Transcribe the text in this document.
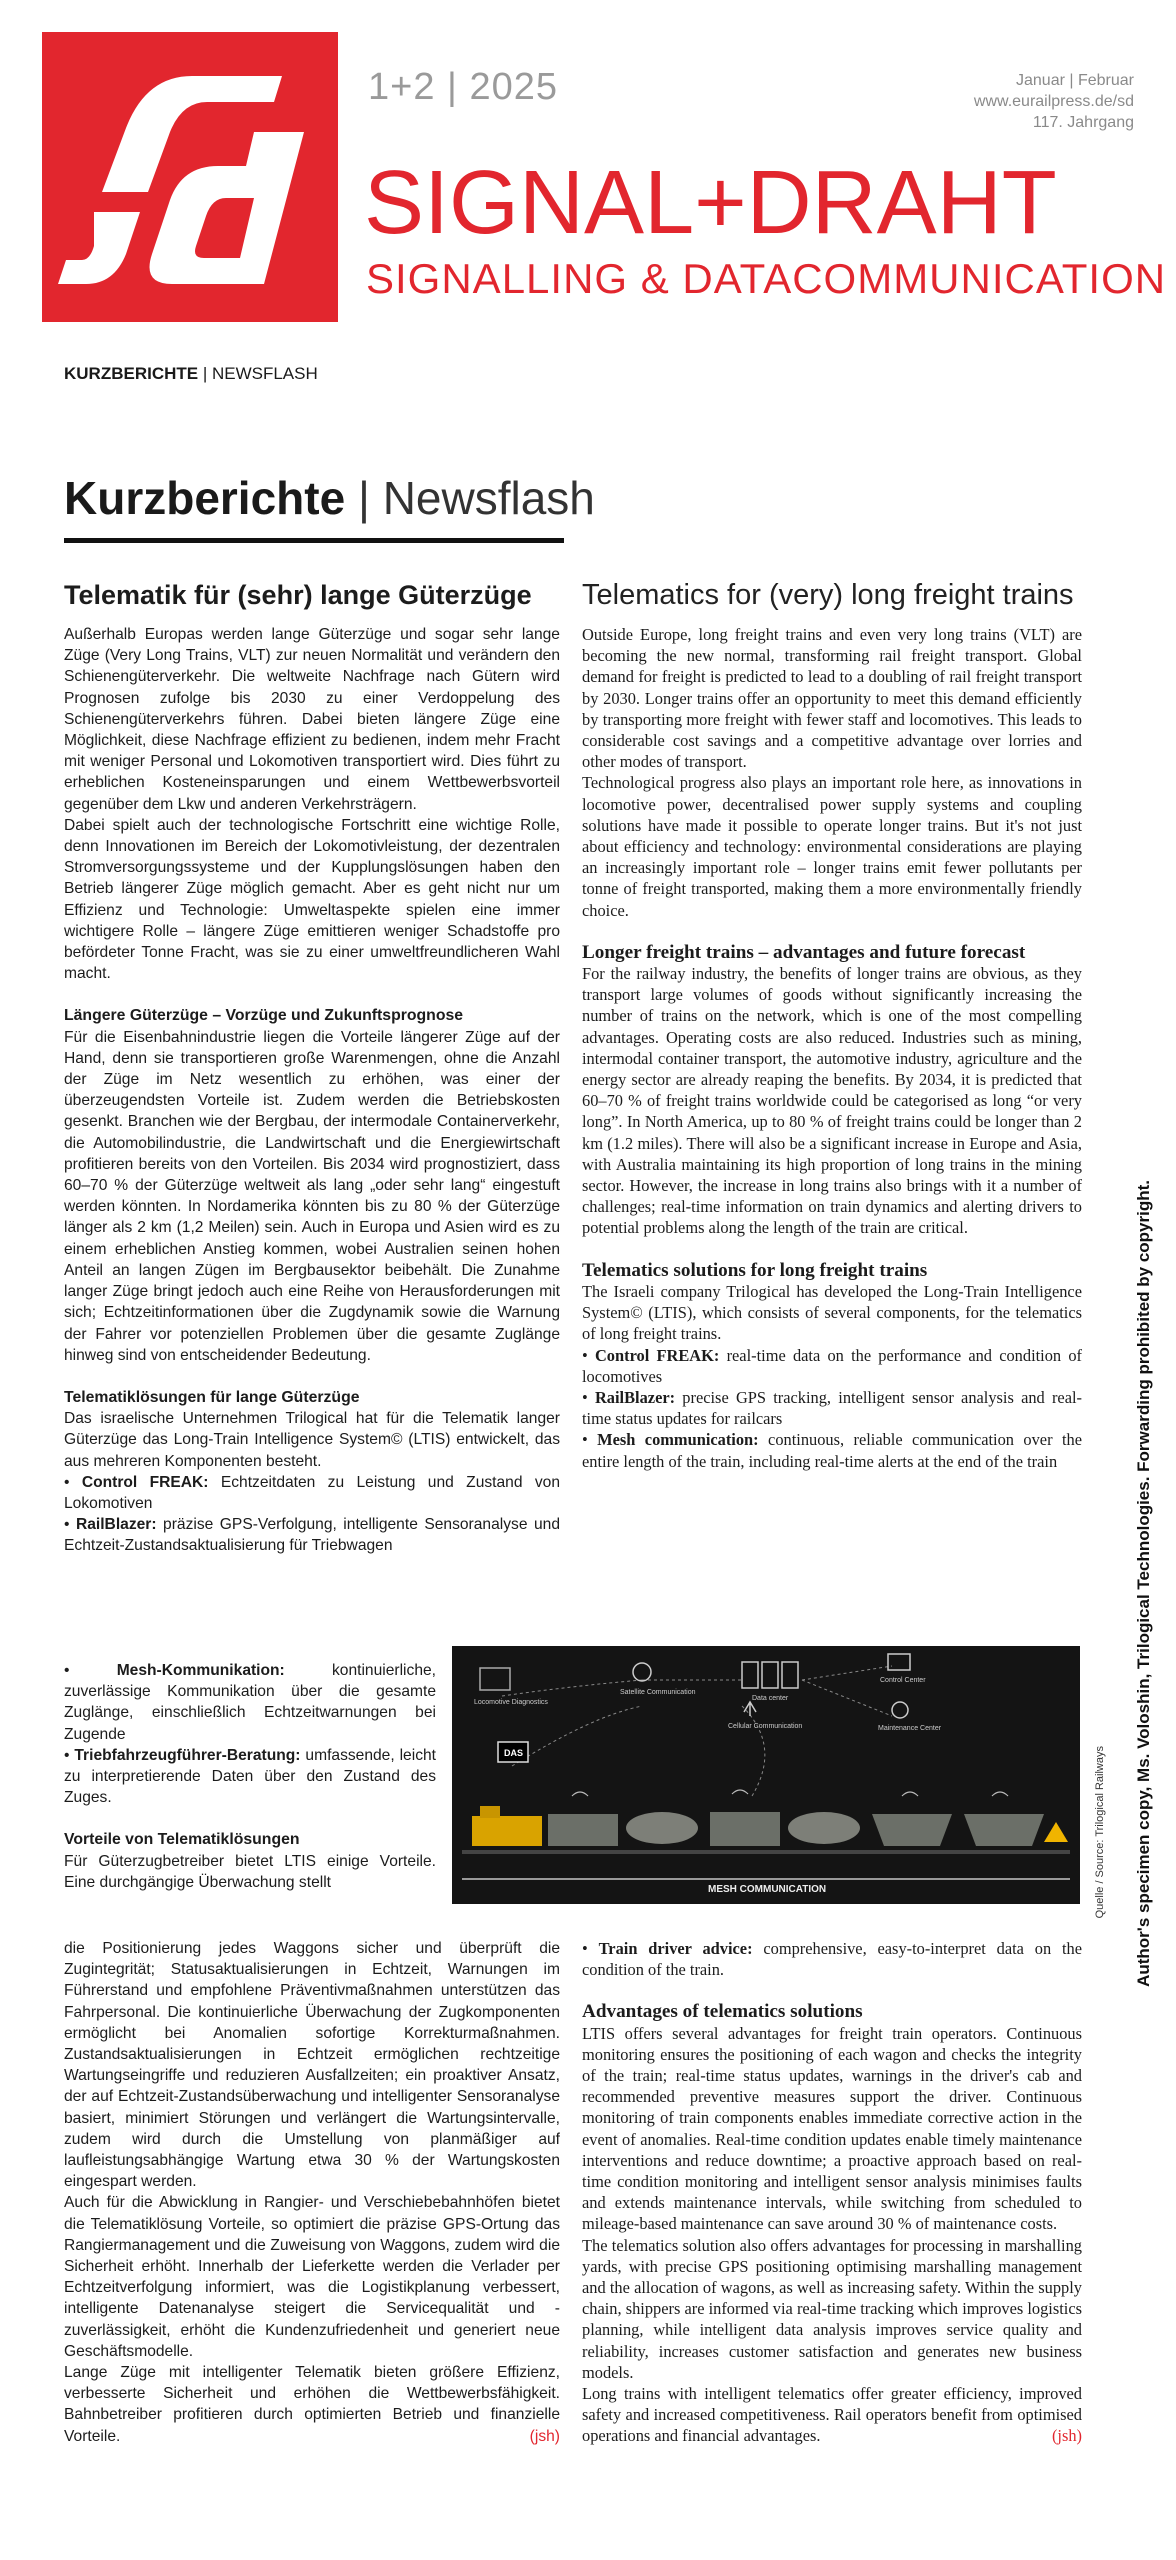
1+2 | 2025	Januar | Februar
www.eurailpress.de/sd
117. Jahrgang
SIGNAL+DRAHT
SIGNALLING & DATACOMMUNICATION
KURZBERICHTE | NEWSFLASH
Kurzberichte | Newsflash
Telematik für (sehr) lange Güterzüge

Außerhalb Europas werden lange Güterzüge und sogar sehr lange Züge (Very Long Trains, VLT) zur neuen Normalität und verändern den Schienengüterverkehr. Die weltweite Nachfrage nach Gütern wird Prognosen zufolge bis 2030 zu einer Verdoppelung des Schienengüterverkehrs führen. Dabei bieten längere Züge eine Möglichkeit, diese Nachfrage effizient zu bedienen, indem mehr Fracht mit weniger Personal und Lokomotiven transportiert wird. Dies führt zu erheblichen Kosteneinsparungen und einem Wettbewerbsvorteil gegenüber dem Lkw und anderen Verkehrsträgern.

Dabei spielt auch der technologische Fortschritt eine wichtige Rolle, denn Innovationen im Bereich der Lokomotivleistung, der dezentralen Stromversorgungssysteme und der Kupplungslösungen haben den Betrieb längerer Züge möglich gemacht. Aber es geht nicht nur um Effizienz und Technologie: Umweltaspekte spielen eine immer wichtigere Rolle – längere Züge emittieren weniger Schadstoffe pro befördeter Tonne Fracht, was sie zu einer umweltfreundlicheren Wahl macht.

Längere Güterzüge – Vorzüge und Zukunftsprognose

Für die Eisenbahnindustrie liegen die Vorteile längerer Züge auf der Hand, denn sie transportieren große Warenmengen, ohne die Anzahl der Züge im Netz wesentlich zu erhöhen, was einer der überzeugendsten Vorteile ist. Zudem werden die Betriebskosten gesenkt. Branchen wie der Bergbau, der intermodale Containerverkehr, die Automobilindustrie, die Landwirtschaft und die Energiewirtschaft profitieren bereits von den Vorteilen. Bis 2034 wird prognostiziert, dass 60–70 % der Güterzüge weltweit als lang „oder sehr lang“ eingestuft werden könnten. In Nordamerika könnten bis zu 80 % der Güterzüge länger als 2 km (1,2 Meilen) sein. Auch in Europa und Asien wird es zu einem erheblichen Anstieg kommen, wobei Australien seinen hohen Anteil an langen Zügen im Bergbausektor beibehält. Die Zunahme langer Züge bringt jedoch auch eine Reihe von Herausforderungen mit sich; Echtzeitinformationen über die Zugdynamik sowie die Warnung der Fahrer vor potenziellen Problemen über die gesamte Zuglänge hinweg sind von entscheidender Bedeutung.

Telematiklösungen für lange Güterzüge

Das israelische Unternehmen Trilogical hat für die Telematik langer Güterzüge das Long-Train Intelligence System© (LTIS) entwickelt, das aus mehreren Komponenten besteht.

• Control FREAK: Echtzeitdaten zu Leistung und Zustand von Lokomotiven
• RailBlazer: präzise GPS-Verfolgung, intelligente Sensoranalyse und Echtzeit-Zustandsaktualisierung für Triebwagen
• Mesh-Kommunikation: kontinuierliche, zuverlässige Kommunikation über die gesamte Zuglänge, einschließlich Echtzeitwarnungen bei Zugende
• Triebfahrzeugführer-Beratung: umfassende, leicht zu interpretierende Daten über den Zustand des Zuges.
Vorteile von Telematiklösungen

Für Güterzugbetreiber bietet LTIS einige Vorteile. Eine durchgängige Überwachung stellt

die Positionierung jedes Waggons sicher und überprüft die Zugintegrität; Statusaktualisierungen in Echtzeit, Warnungen im Führerstand und empfohlene Präventivmaßnahmen unterstützen das Fahrpersonal. Die kontinuierliche Überwachung der Zugkomponenten ermöglicht bei Anomalien sofortige Korrekturmaßnahmen. Zustandsaktualisierungen in Echtzeit ermöglichen rechtzeitige Wartungseingriffe und reduzieren Ausfallzeiten; ein proaktiver Ansatz, der auf Echtzeit-Zustandsüberwachung und intelligenter Sensoranalyse basiert, minimiert Störungen und verlängert die Wartungsintervalle, zudem wird durch die Umstellung von planmäßiger auf laufleistungsabhängige Wartung etwa 30 % der Wartungskosten eingespart werden.

Auch für die Abwicklung in Rangier- und Verschiebebahnhöfen bietet die Telematiklösung Vorteile, so optimiert die präzise GPS-Ortung das Rangiermanagement und die Zuweisung von Waggons, zudem wird die Sicherheit erhöht. Innerhalb der Lieferkette werden die Verlader per Echtzeitverfolgung informiert, was die Logistikplanung verbessert, intelligente Datenanalyse steigert die Servicequalität und -zuverlässigkeit, erhöht die Kundenzufriedenheit und generiert neue Geschäftsmodelle.

Lange Züge mit intelligenter Telematik bieten größere Effizienz, verbesserte Sicherheit und erhöhen die Wettbewerbsfähigkeit. Bahnbetreiber profitieren durch optimierten Betrieb und finanzielle Vorteile.	(jsh)

Telematics for (very) long freight trains

Outside Europe, long freight trains and even very long trains (VLT) are becoming the new normal, transforming rail freight transport. Global demand for freight is predicted to lead to a doubling of rail freight transport by 2030. Longer trains offer an opportunity to meet this demand efficiently by transporting more freight with fewer staff and locomotives. This leads to considerable cost savings and a competitive advantage over lorries and other modes of transport.

Technological progress also plays an important role here, as innovations in locomotive power, decentralised power supply systems and coupling solutions have made it possible to operate longer trains. But it's not just about efficiency and technology: environmental considerations are playing an increasingly important role – longer trains emit fewer pollutants per tonne of freight transported, making them a more environmentally friendly choice.

Longer freight trains – advantages and future forecast

For the railway industry, the benefits of longer trains are obvious, as they transport large volumes of goods without significantly increasing the number of trains on the network, which is one of the most compelling advantages. Operating costs are also reduced. Industries such as mining, intermodal container transport, the automotive industry, agriculture and the energy sector are already reaping the benefits. By 2034, it is predicted that 60–70 % of freight trains worldwide could be categorised as long “or very long”. In North America, up to 80 % of freight trains could be longer than 2 km (1.2 miles). There will also be a significant increase in Europe and Asia, with Australia maintaining its high proportion of long trains in the mining sector. However, the increase in long trains also brings with it a number of challenges; real-time information on train dynamics and alerting drivers to potential problems along the length of the train are critical.

Telematics solutions for long freight trains

The Israeli company Trilogical has developed the Long-Train Intelligence System© (LTIS), which consists of several components, for the telematics of long freight trains.

• Control FREAK: real-time data on the performance and condition of locomotives
• RailBlazer: precise GPS tracking, intelligent sensor analysis and real-time status updates for railcars
• Mesh communication: continuous, reliable communication over the entire length of the train, including real-time alerts at the end of the train
• Train driver advice: comprehensive, easy-to-interpret data on the condition of the train.
Advantages of telematics solutions

LTIS offers several advantages for freight train operators. Continuous monitoring ensures the positioning of each wagon and checks the integrity of the train; real-time status updates, warnings in the driver's cab and recommended preventive measures support the driver. Continuous monitoring of train components enables immediate corrective action in the event of anomalies. Real-time condition updates enable timely maintenance interventions and reduce downtime; a proactive approach based on real-time condition monitoring and intelligent sensor analysis minimises faults and extends maintenance intervals, while switching from scheduled to mileage-based maintenance can save around 30 % of maintenance costs.

The telematics solution also offers advantages for processing in marshalling yards, with precise GPS positioning optimising marshalling management and the allocation of wagons, as well as increasing safety. Within the supply chain, shippers are informed via real-time tracking which improves logistics planning, while intelligent data analysis improves service quality and reliability, increases customer satisfaction and generates new business models.

Long trains with intelligent telematics offer greater efficiency, improved safety and increased competitiveness. Rail operators benefit from optimised operations and financial advantages.	(jsh)

Locomotive Diagnostics
DAS
Satellite Communication
Data center
Cellular Communication
Control Center
Maintenance Center
MESH COMMUNICATION	Quelle / Source: Trilogical Railways Author's specimen copy, Ms. Voloshin, Trilogical Technologies. Forwarding prohibited by copyright.
